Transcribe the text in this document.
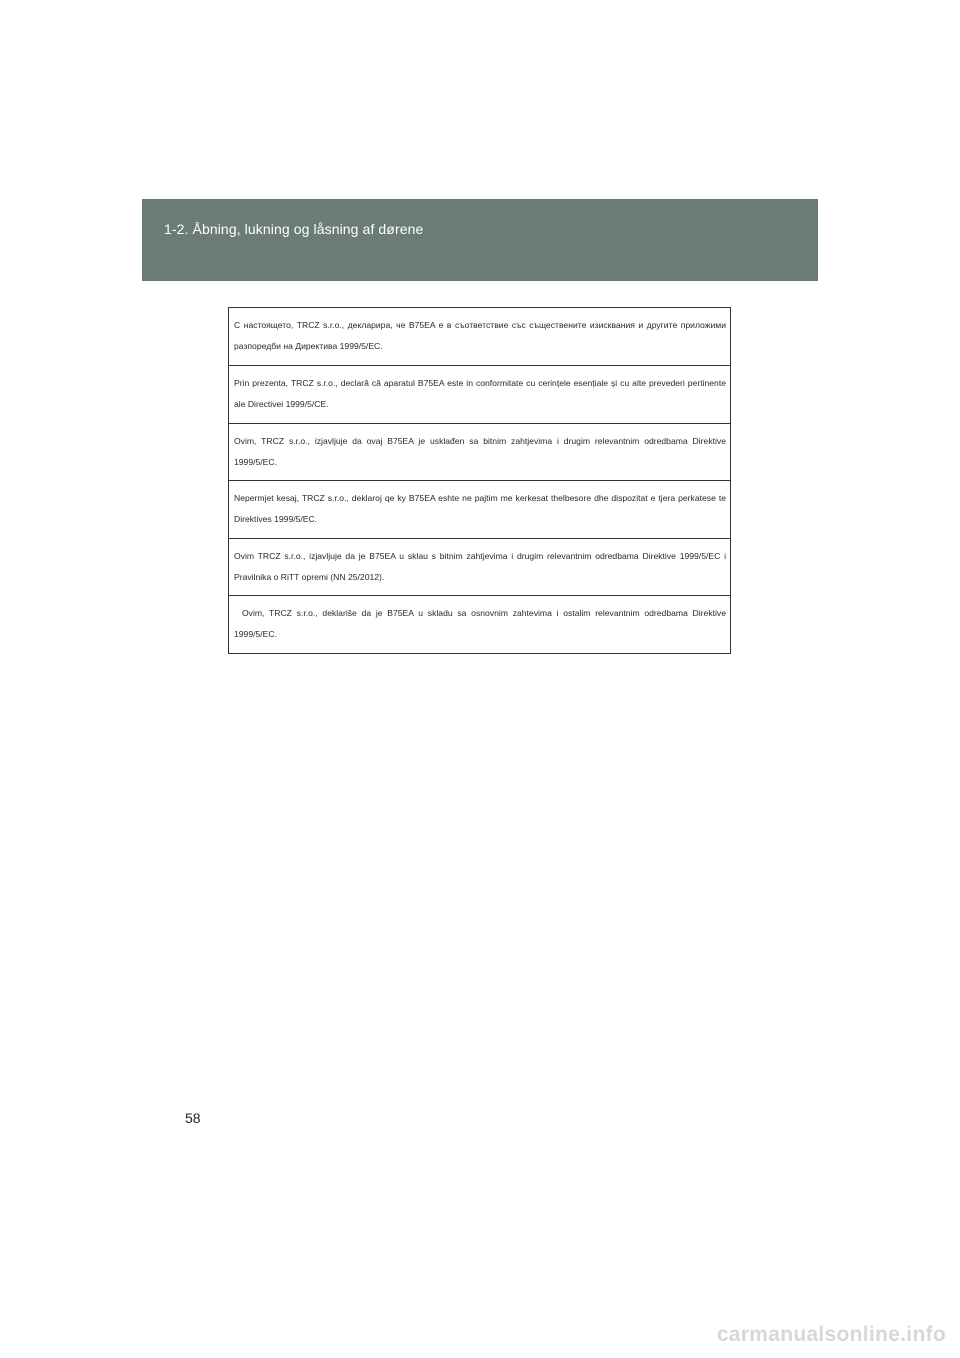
1-2. Åbning, lukning og låsning af dørene

С настоящето, TRCZ s.r.o., декларира, че B75EA е в съответствие със съществените изисквания и другите приложими разпоредби на Директива 1999/5/EC.

Prin prezenta, TRCZ s.r.o., declară că aparatul B75EA este in conformitate cu cerințele esențiale și cu alte prevederi pertinente ale Directivei 1999/5/CE.

Ovim, TRCZ s.r.o., izjavljuje da ovaj B75EA je usklađen sa bitnim zahtjevima i drugim relevantnim odredbama Direktive 1999/5/EC.

Nepermjet kesaj, TRCZ s.r.o., deklaroj qe ky B75EA eshte ne pajtim me kerkesat thelbesore dhe dispozitat e tjera perkatese te Direktives 1999/5/EC.

Ovim TRCZ s.r.o., izjavljuje da je B75EA u sklau s bitnim zahtjevima i drugim relevantnim odredbama Direktive 1999/5/EC i Pravilnika o RiTT opremi (NN 25/2012).

Ovim, TRCZ s.r.o., deklariše da je B75EA u skladu sa osnovnim zahtevima i ostalim relevantnim odredbama Direktive 1999/5/EC.

58
carmanualsonline.info
